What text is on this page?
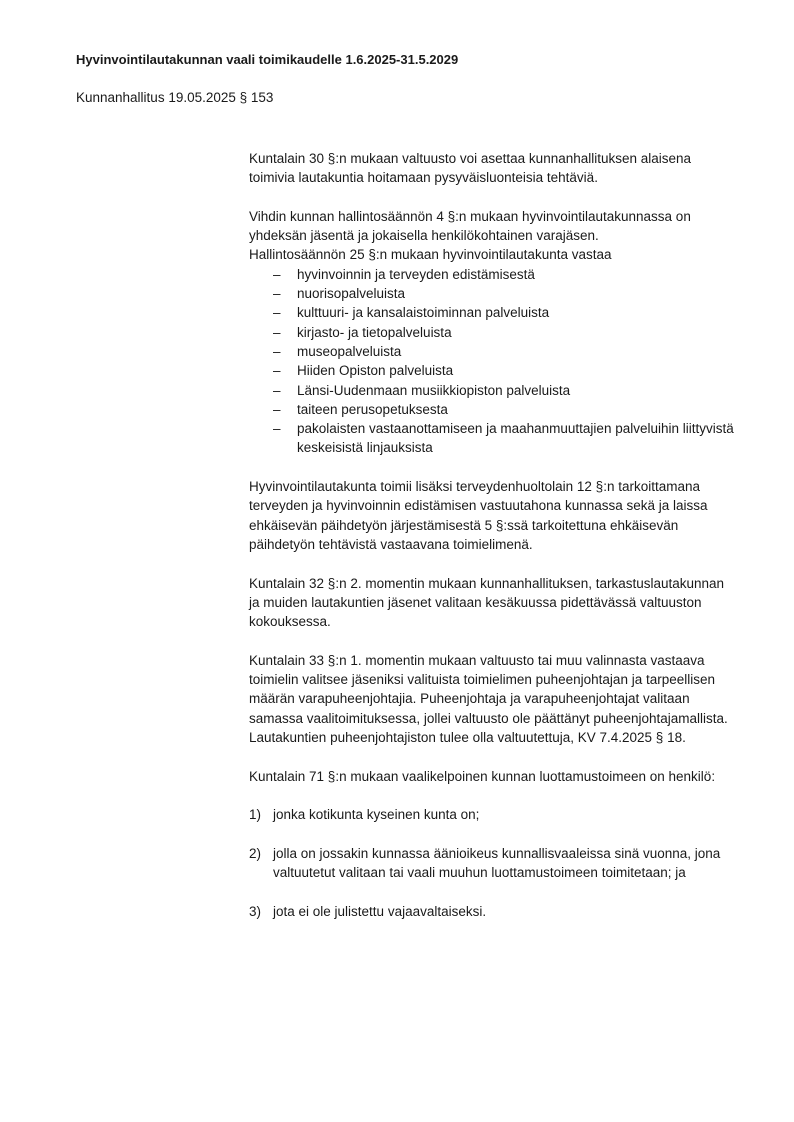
Hyvinvointilautakunnan vaali toimikaudelle 1.6.2025-31.5.2029
Kunnanhallitus 19.05.2025 § 153

Kuntalain 30 §:n mukaan valtuusto voi asettaa kunnanhallituksen alaisena toimivia lautakuntia hoitamaan pysyväisluonteisia tehtäviä.

Vihdin kunnan hallintosäännön 4 §:n mukaan hyvinvointilautakunnassa on yhdeksän jäsentä ja jokaisella henkilökohtainen varajäsen.

Hallintosäännön 25 §:n mukaan hyvinvointilautakunta vastaa

– hyvinvoinnin ja terveyden edistämisestä
– nuorisopalveluista
– kulttuuri- ja kansalaistoiminnan palveluista
– kirjasto- ja tietopalveluista
– museopalveluista
– Hiiden Opiston palveluista
– Länsi-Uudenmaan musiikkiopiston palveluista
– taiteen perusopetuksesta
– pakolaisten vastaanottamiseen ja maahanmuuttajien palveluihin liittyvistä keskeisistä linjauksista

Hyvinvointilautakunta toimii lisäksi terveydenhuoltolain 12 §:n tarkoittamana terveyden ja hyvinvoinnin edistämisen vastuutahona kunnassa sekä ja laissa ehkäisevän päihdetyön järjestämisestä 5 §:ssä tarkoitettuna ehkäisevän päihdetyön tehtävistä vastaavana toimielimenä.

Kuntalain 32 §:n 2. momentin mukaan kunnanhallituksen, tarkastuslautakunnan ja muiden lautakuntien jäsenet valitaan kesäkuussa pidettävässä valtuuston kokouksessa.

Kuntalain 33 §:n 1. momentin mukaan valtuusto tai muu valinnasta vastaava toimielin valitsee jäseniksi valituista toimielimen puheenjohtajan ja tarpeellisen määrän varapuheenjohtajia. Puheenjohtaja ja varapuheenjohtajat valitaan samassa vaalitoimituksessa, jollei valtuusto ole päättänyt puheenjohtajamallista. Lautakuntien puheenjohtajiston tulee olla valtuutettuja, KV 7.4.2025 § 18.

Kuntalain 71 §:n mukaan vaalikelpoinen kunnan luottamustoimeen on henkilö:

1) jonka kotikunta kyseinen kunta on;
2) jolla on jossakin kunnassa äänioikeus kunnallisvaaleissa sinä vuonna, jona valtuutetut valitaan tai vaali muuhun luottamustoimeen toimitetaan; ja
3) jota ei ole julistettu vajaavaltaiseksi.
